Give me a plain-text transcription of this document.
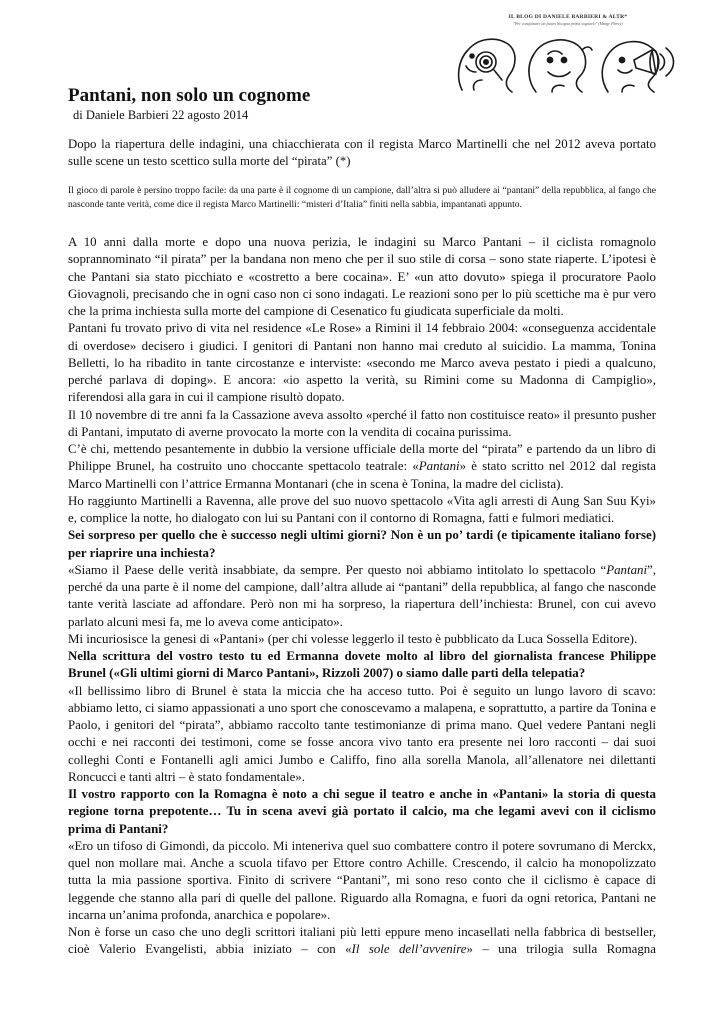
IL BLOG DI DANIELE BARBIERI & ALTR*
"Per conquistare un futuro bisogna prima sognarlo" (Marge Piercy)
Pantani, non solo un cognome

di Daniele Barbieri 22 agosto 2014

Dopo la riapertura delle indagini, una chiacchierata con il regista Marco Martinelli che nel 2012 aveva portato sulle scene un testo scettico sulla morte del “pirata” (*)

Il gioco di parole è persino troppo facile: da una parte è il cognome di un campione, dall’altra si può alludere ai “pantani” della repubblica, al fango che nasconde tante verità, come dice il regista Marco Martinelli: “misteri d’Italia” finiti nella sabbia, impantanati appunto.

A 10 anni dalla morte e dopo una nuova perizia, le indagini su Marco Pantani – il ciclista romagnolo soprannominato “il pirata” per la bandana non meno che per il suo stile di corsa – sono state riaperte. L’ipotesi è che Pantani sia stato picchiato e «costretto a bere cocaina». E’ «un atto dovuto» spiega il procuratore Paolo Giovagnoli, precisando che in ogni caso non ci sono indagati. Le reazioni sono per lo più scettiche ma è pur vero che la prima inchiesta sulla morte del campione di Cesenatico fu giudicata superficiale da molti.

Pantani fu trovato privo di vita nel residence «Le Rose» a Rimini il 14 febbraio 2004: «conseguenza accidentale di overdose» decisero i giudici. I genitori di Pantani non hanno mai creduto al suicidio. La mamma, Tonina Belletti, lo ha ribadito in tante circostanze e interviste: «secondo me Marco aveva pestato i piedi a qualcuno, perché parlava di doping». E ancora: «io aspetto la verità, su Rimini come su Madonna di Campiglio», riferendosi alla gara in cui il campione risultò dopato.

Il 10 novembre di tre anni fa la Cassazione aveva assolto «perché il fatto non costituisce reato» il presunto pusher di Pantani, imputato di averne provocato la morte con la vendita di cocaina purissima.

C’è chi, mettendo pesantemente in dubbio la versione ufficiale della morte del “pirata” e partendo da un libro di Philippe Brunel, ha costruito uno choccante spettacolo teatrale: «Pantani» è stato scritto nel 2012 dal regista Marco Martinelli con l’attrice Ermanna Montanari (che in scena è Tonina, la madre del ciclista).

Ho raggiunto Martinelli a Ravenna, alle prove del suo nuovo spettacolo «Vita agli arresti di Aung San Suu Kyi» e, complice la notte, ho dialogato con lui su Pantani con il contorno di Romagna, fatti e fulmori mediatici.

Sei sorpreso per quello che è successo negli ultimi giorni? Non è un po’ tardi (e tipicamente italiano forse) per riaprire una inchiesta?

«Siamo il Paese delle verità insabbiate, da sempre. Per questo noi abbiamo intitolato lo spettacolo “Pantani”, perché da una parte è il nome del campione, dall’altra allude ai “pantani” della repubblica, al fango che nasconde tante verità lasciate ad affondare. Però non mi ha sorpreso, la riapertura dell’inchiesta: Brunel, con cui avevo parlato alcuni mesi fa, me lo aveva come anticipato».

Mi incuriosisce la genesi di «Pantani» (per chi volesse leggerlo il testo è pubblicato da Luca Sossella Editore).

Nella scrittura del vostro testo tu ed Ermanna dovete molto al libro del giornalista francese Philippe Brunel («Gli ultimi giorni di Marco Pantani», Rizzoli 2007) o siamo dalle parti della telepatia?

«Il bellissimo libro di Brunel è stata la miccia che ha acceso tutto. Poi è seguito un lungo lavoro di scavo: abbiamo letto, ci siamo appassionati a uno sport che conoscevamo a malapena, e soprattutto, a partire da Tonina e Paolo, i genitori del “pirata”, abbiamo raccolto tante testimonianze di prima mano. Quel vedere Pantani negli occhi e nei racconti dei testimoni, come se fosse ancora vivo tanto era presente nei loro racconti – dai suoi colleghi Conti e Fontanelli agli amici Jumbo e Califfo, fino alla sorella Manola, all’allenatore nei dilettanti Roncucci e tanti altri – è stato fondamentale».

Il vostro rapporto con la Romagna è noto a chi segue il teatro e anche in «Pantani» la storia di questa regione torna prepotente… Tu in scena avevi già portato il calcio, ma che legami avevi con il ciclismo prima di Pantani?

«Ero un tifoso di Gimondi, da piccolo. Mi inteneriva quel suo combattere contro il potere sovrumano di Merckx, quel non mollare mai. Anche a scuola tifavo per Ettore contro Achille. Crescendo, il calcio ha monopolizzato tutta la mia passione sportiva. Finito di scrivere “Pantani”, mi sono reso conto che il ciclismo è capace di leggende che stanno alla pari di quelle del pallone. Riguardo alla Romagna, e fuori da ogni retorica, Pantani ne incarna un’anima profonda, anarchica e popolare».

Non è forse un caso che uno degli scrittori italiani più letti eppure meno incasellati nella fabbrica di bestseller, cioè Valerio Evangelisti, abbia iniziato – con «Il sole dell’avvenire» – una trilogia sulla Romagna
